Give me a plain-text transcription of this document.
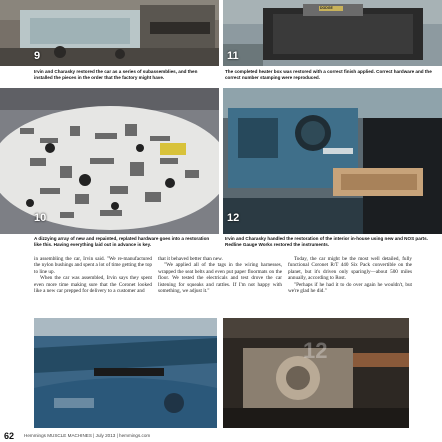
9
DODGE
11
Irvin and Charasky restored the car as a series of subassemblies, and then installed the pieces in the order that the factory might have.
The completed heater box was restored with a correct finish applied. Correct hardware and the correct number stamping were reproduced.
10	12
A dizzying array of new and repainted, replated hardware goes into a restoration like this. Having everything laid out in advance is key.
Irvin and Charasky handled the restoration of the interior in-house using new and NOS parts. Redline Gauge Works restored the instruments.

in assembling the car, Irvin said. "We re-manufactured the nylon bushings and spent a lot of time getting the top to line up.

When the car was assembled, Irvin says they spent even more time making sure that the Coronet looked like a new car prepped for delivery to a customer and

that it behaved better than new.

"We applied all of the tags in the wiring harnesses, wrapped the seat belts and even put paper floormats on the floor. We tested the electricals and test drove the car listening for squeaks and rattles. If I'm not happy with something, we adjust it."

Today, the car might be the most well detailed, fully functional Coronet R/T 440 Six Pack convertible on the planet, but it's driven only sparingly—about 500 miles annually, according to Rost.

"Perhaps if he had it to do over again he wouldn't, but we're glad he did."

12
62 Hemmings MUSCLE MACHINES | July 2013 | hemmings.com
